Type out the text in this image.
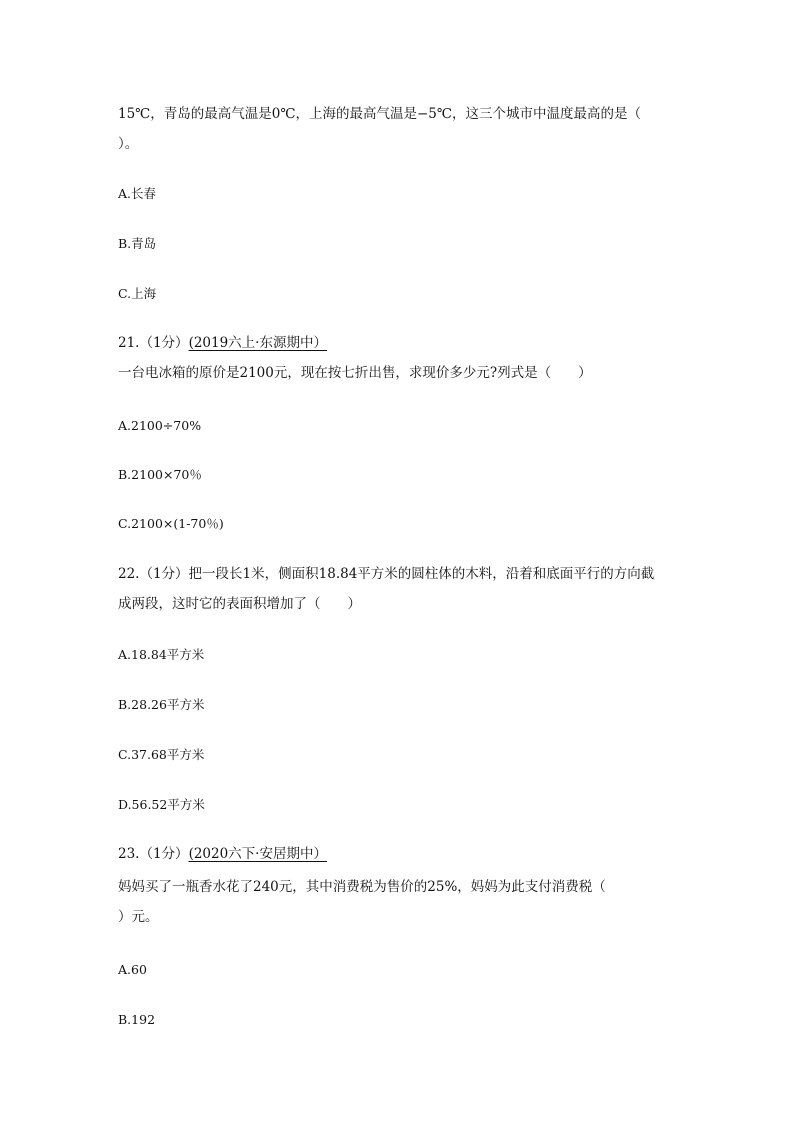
15℃，青岛的最高气温是0℃，上海的最高气温是−5℃，这三个城市中温度最高的是（
）。
A.长春
B.青岛
C.上海
21.（1分）(2019六上·东源期中）
一台电冰箱的原价是2100元，现在按七折出售，求现价多少元?列式是（　　）
A.2100÷70%
B.2100×70％
C.2100×(1-70％)
22.（1分）把一段长1米，侧面积18.84平方米的圆柱体的木料，沿着和底面平行的方向截
成两段，这时它的表面积增加了（　　）
A.18.84平方米
B.28.26平方米
C.37.68平方米
D.56.52平方米
23.（1分）(2020六下·安居期中）
妈妈买了一瓶香水花了240元，其中消费税为售价的25%，妈妈为此支付消费税（
）元。
A.60
B.192
